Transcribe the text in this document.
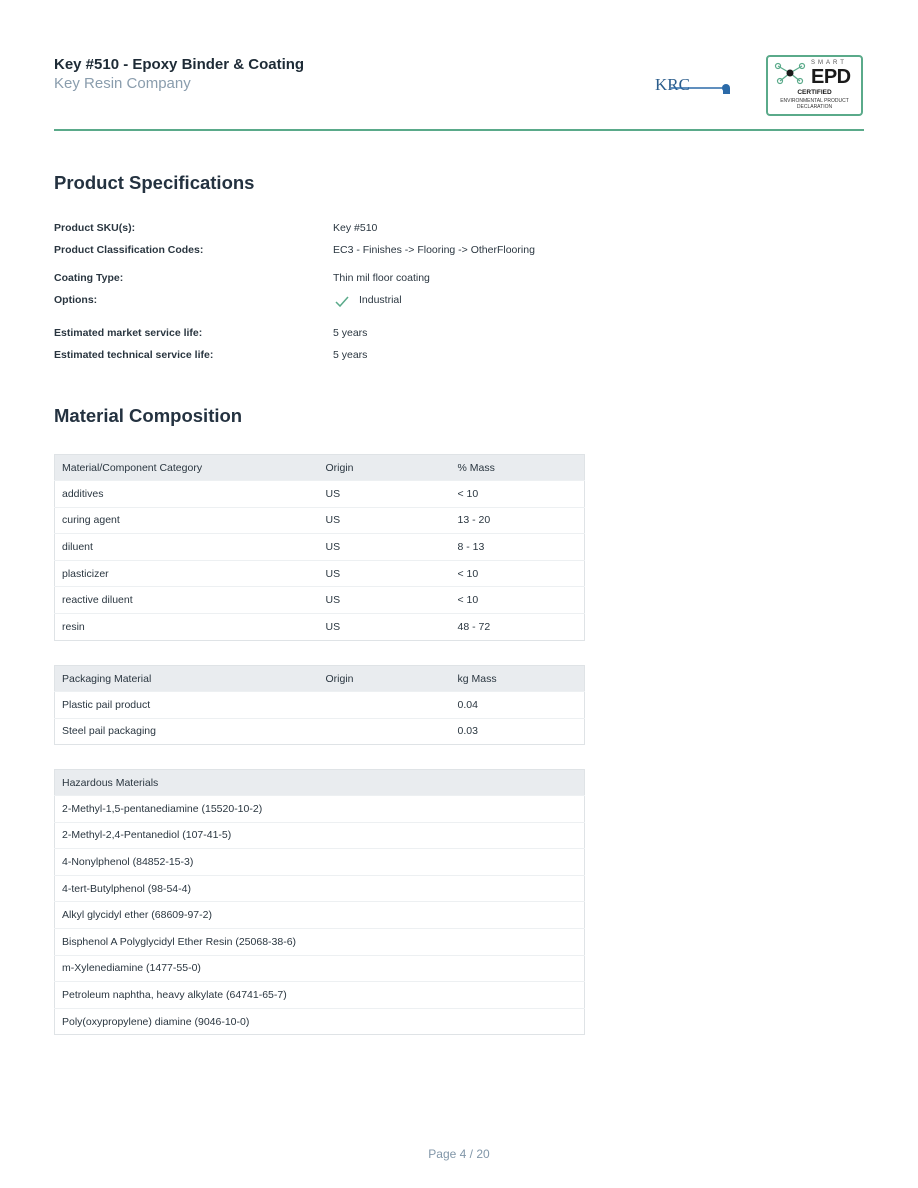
Key #510 - Epoxy Binder & Coating
Key Resin Company	KRC
SMART
EPD
CERTIFIED
ENVIRONMENTAL PRODUCT
DECLARATION
Product Specifications
Product SKU(s):	Key #510
Product Classification Codes:	EC3 - Finishes -> Flooring -> OtherFlooring
Coating Type:	Thin mil floor coating
Options:	Industrial
Estimated market service life:	5 years
Estimated technical service life:	5 years
Material Composition
Material/Component Category	Origin	% Mass
additives	US	< 10
curing agent	US	13 - 20
diluent	US	8 - 13
plasticizer	US	< 10
reactive diluent	US	< 10
resin	US	48 - 72
Packaging Material	Origin	kg Mass
Plastic pail product		0.04
Steel pail packaging		0.03
Hazardous Materials
2-Methyl-1,5-pentanediamine (15520-10-2)
2-Methyl-2,4-Pentanediol (107-41-5)
4-Nonylphenol (84852-15-3)
4-tert-Butylphenol (98-54-4)
Alkyl glycidyl ether (68609-97-2)
Bisphenol A Polyglycidyl Ether Resin (25068-38-6)
m-Xylenediamine (1477-55-0)
Petroleum naphtha, heavy alkylate (64741-65-7)
Poly(oxypropylene) diamine (9046-10-0)
Page 4 / 20
